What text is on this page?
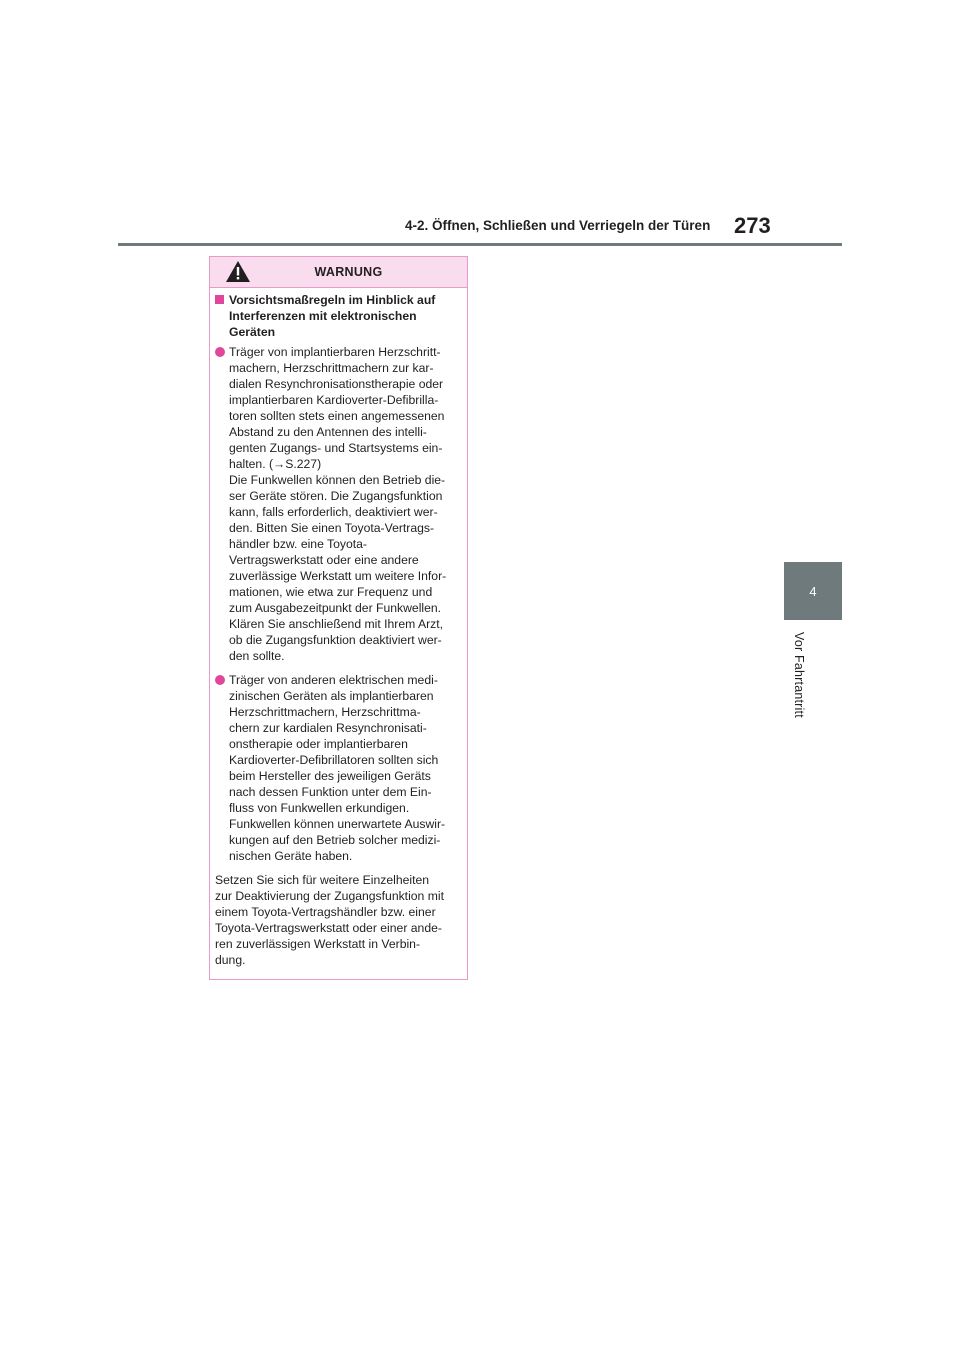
4-2. Öffnen, Schließen und Verriegeln der Türen 273
4
Vor Fahrtantritt
WARNUNG
Vorsichtsmaßregeln im Hinblick auf Interferenzen mit elektronischen Geräten
Träger von implantierbaren Herzschritt-
machern, Herzschrittmachern zur kar-
dialen Resynchronisationstherapie oder
implantierbaren Kardioverter-Defibrilla-
toren sollten stets einen angemessenen
Abstand zu den Antennen des intelli-
genten Zugangs- und Startsystems ein-
halten. (→S.227)
Die Funkwellen können den Betrieb die-
ser Geräte stören. Die Zugangsfunktion
kann, falls erforderlich, deaktiviert wer-
den. Bitten Sie einen Toyota-Vertrags-
händler bzw. eine Toyota-
Vertragswerkstatt oder eine andere
zuverlässige Werkstatt um weitere Infor-
mationen, wie etwa zur Frequenz und
zum Ausgabezeitpunkt der Funkwellen.
Klären Sie anschließend mit Ihrem Arzt,
ob die Zugangsfunktion deaktiviert wer-
den sollte.
Träger von anderen elektrischen medi-
zinischen Geräten als implantierbaren
Herzschrittmachern, Herzschrittma-
chern zur kardialen Resynchronisati-
onstherapie oder implantierbaren
Kardioverter-Defibrillatoren sollten sich
beim Hersteller des jeweiligen Geräts
nach dessen Funktion unter dem Ein-
fluss von Funkwellen erkundigen.
Funkwellen können unerwartete Auswir-
kungen auf den Betrieb solcher medizi-
nischen Geräte haben.
Setzen Sie sich für weitere Einzelheiten
zur Deaktivierung der Zugangsfunktion mit
einem Toyota-Vertragshändler bzw. einer
Toyota-Vertragswerkstatt oder einer ande-
ren zuverlässigen Werkstatt in Verbin-
dung.
